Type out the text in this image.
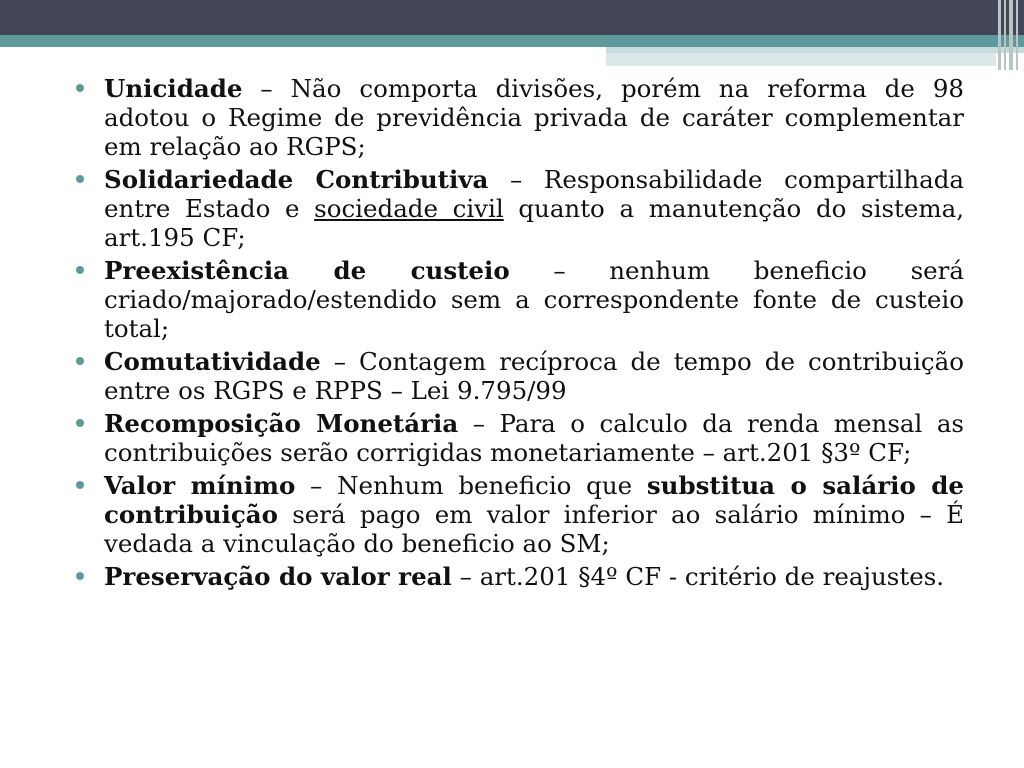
Unicidade – Não comporta divisões, porém na reforma de 98 adotou o Regime de previdência privada de caráter complementar em relação ao RGPS;
Solidariedade Contributiva – Responsabilidade compartilhada entre Estado e sociedade civil quanto a manutenção do sistema, art.195 CF;
Preexistência de custeio – nenhum beneficio será criado/majorado/estendido sem a correspondente fonte de custeio total;
Comutatividade – Contagem recíproca de tempo de contribuição entre os RGPS e RPPS – Lei 9.795/99
Recomposição Monetária – Para o calculo da renda mensal as contribuições serão corrigidas monetariamente – art.201 §3º CF;
Valor mínimo – Nenhum beneficio que substitua o salário de contribuição será pago em valor inferior ao salário mínimo – É vedada a vinculação do beneficio ao SM;
Preservação do valor real – art.201 §4º CF - critério de reajustes.
